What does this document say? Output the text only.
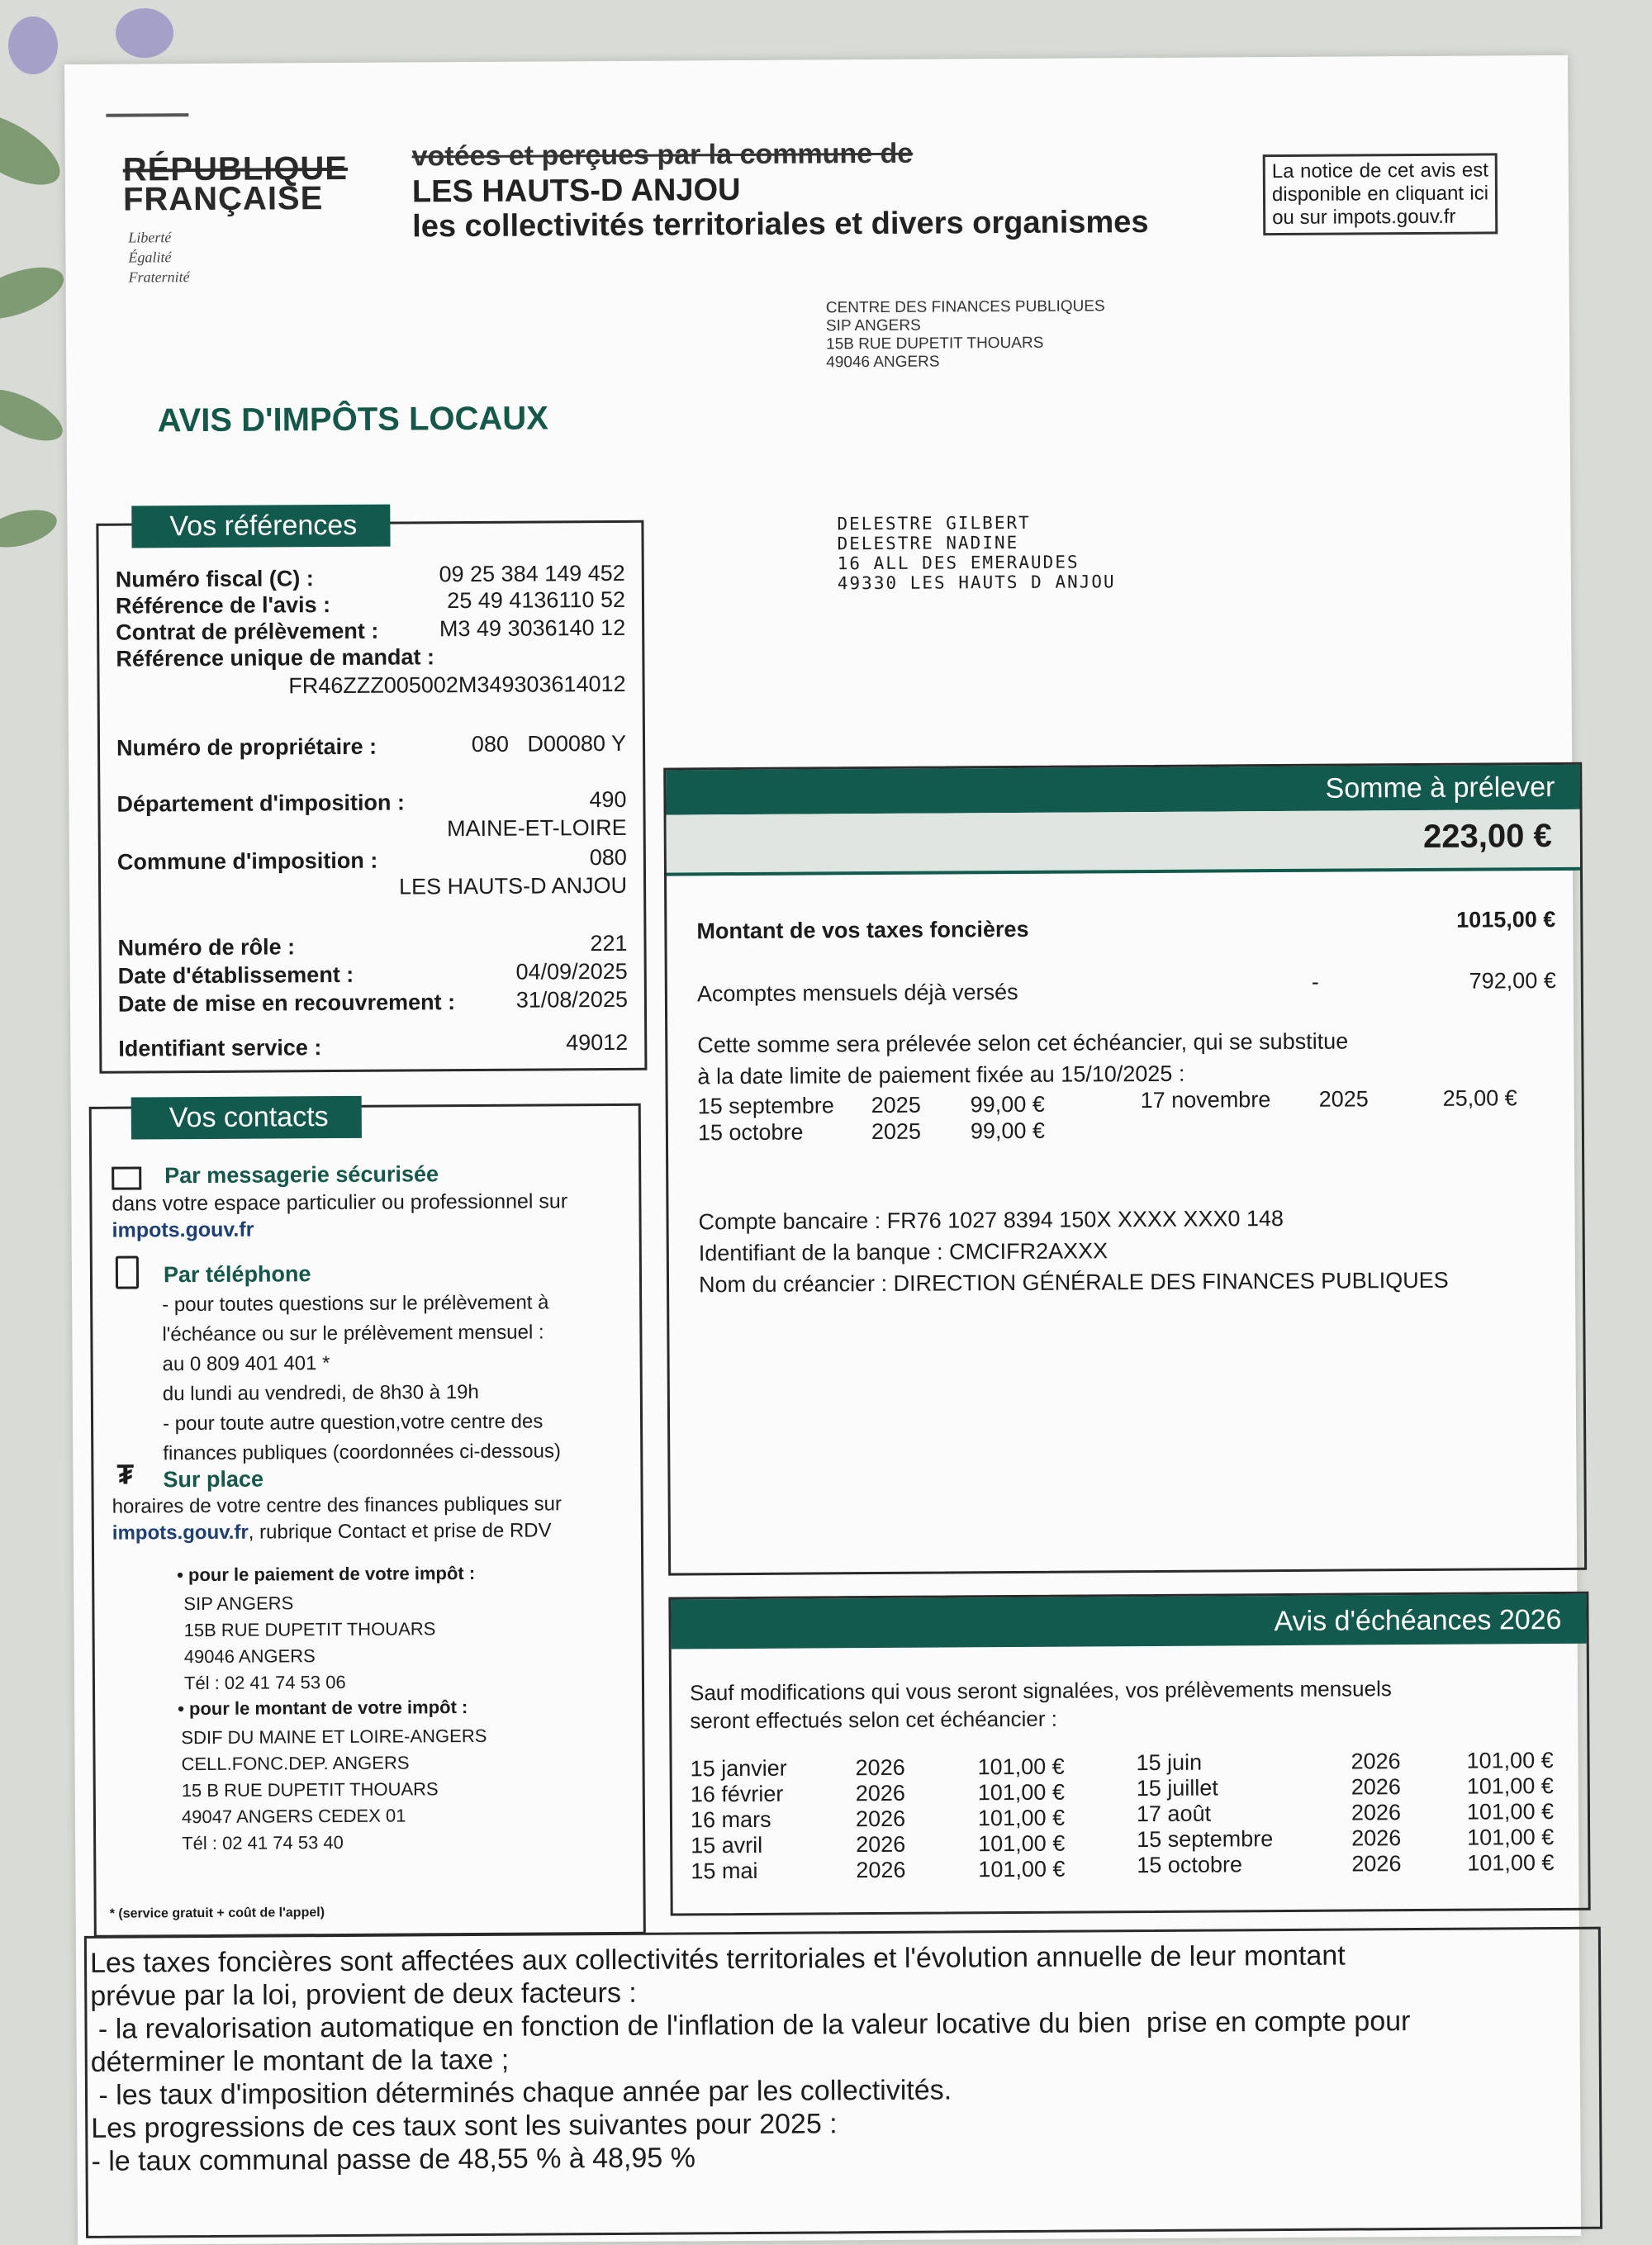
RÉPUBLIQUE
FRANÇAISE
Liberté
Égalité
Fraternité
votées et perçues par la commune de
LES HAUTS-D ANJOU
les collectivités territoriales et divers organismes
La notice de cet avis est disponible en cliquant ici ou sur impots.gouv.fr
CENTRE DES FINANCES PUBLIQUES
SIP ANGERS
15B RUE DUPETIT THOUARS
49046 ANGERS
AVIS D'IMPÔTS LOCAUX
DELESTRE GILBERT
DELESTRE NADINE
16 ALL DES EMERAUDES
49330 LES HAUTS D ANJOU
Vos références
Numéro fiscal (C) :	09 25 384 149 452
Référence de l'avis :	25 49 4136110 52
Contrat de prélèvement :	M3 49 3036140 12
Référence unique de mandat :
FR46ZZZ005002M349303614012
Numéro de propriétaire :	080   D00080 Y
Département d'imposition :	490
MAINE-ET-LOIRE
Commune d'imposition :	080
LES HAUTS-D ANJOU
Numéro de rôle :	221
Date d'établissement :	04/09/2025
Date de mise en recouvrement :	31/08/2025
Identifiant service :	49012
Vos contacts
Par messagerie sécurisée
dans votre espace particulier ou professionnel sur
impots.gouv.fr
Par téléphone
- pour toutes questions sur le prélèvement à
l'échéance ou sur le prélèvement mensuel :
au 0 809 401 401 *
du lundi au vendredi, de 8h30 à 19h
- pour toute autre question,votre centre des
finances publiques (coordonnées ci-dessous)
₮ Sur place
horaires de votre centre des finances publiques sur
impots.gouv.fr, rubrique Contact et prise de RDV
• pour le paiement de votre impôt :
SIP ANGERS
15B RUE DUPETIT THOUARS
49046 ANGERS
Tél : 02 41 74 53 06
• pour le montant de votre impôt :
SDIF DU MAINE ET LOIRE-ANGERS
CELL.FONC.DEP. ANGERS
15 B RUE DUPETIT THOUARS
49047 ANGERS CEDEX 01
Tél : 02 41 74 53 40
* (service gratuit + coût de l'appel)
Somme à prélever
223,00 €
Montant de vos taxes foncières	1015,00 €
Acomptes mensuels déjà versés	-	792,00 €
Cette somme sera prélevée selon cet échéancier, qui se substitue
à la date limite de paiement fixée au 15/10/2025 :
15 septembre 2025 99,00 €
15 octobre	2025 99,00 €
17 novembre 2025	25,00 €
Compte bancaire : FR76 1027 8394 150X XXXX XXX0 148
Identifiant de la banque : CMCIFR2AXXX
Nom du créancier : DIRECTION GÉNÉRALE DES FINANCES PUBLIQUES
Avis d'échéances 2026
Sauf modifications qui vous seront signalées, vos prélèvements mensuels
seront effectués selon cet échéancier :
15 janvier	2026	101,00 €
16 février	2026	101,00 €
16 mars	2026	101,00 €
15 avril	2026	101,00 €
15 mai	2026	101,00 €
15 juin	2026	101,00 €
15 juillet	2026	101,00 €
17 août	2026	101,00 €
15 septembre	2026	101,00 €
15 octobre	2026	101,00 €
Les taxes foncières sont affectées aux collectivités territoriales et l'évolution annuelle de leur montant
prévue par la loi, provient de deux facteurs :
- la revalorisation automatique en fonction de l'inflation de la valeur locative du bien  prise en compte pour
déterminer le montant de la taxe ;
- les taux d'imposition déterminés chaque année par les collectivités.
Les progressions de ces taux sont les suivantes pour 2025 :
- le taux communal passe de 48,55 % à 48,95 %
